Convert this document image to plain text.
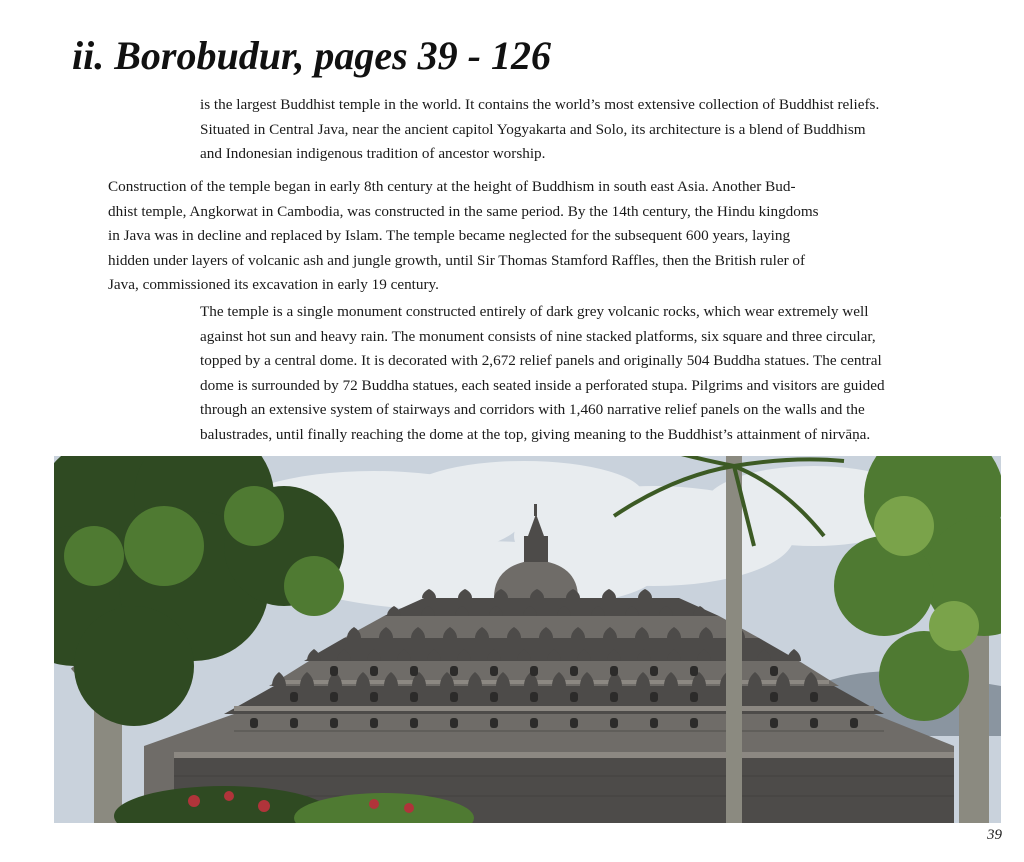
ii. Borobudur, pages 39 - 126
is the largest Buddhist temple in the world. It contains the world’s most extensive collection of Buddhist reliefs.
Situated in Central Java, near the ancient capitol Yogyakarta and Solo, its architecture is a blend of Buddhism
and Indonesian indigenous tradition of ancestor worship.
Construction of the temple began in early 8th century at the height of Buddhism in south east Asia. Another Bud-
dhist temple, Angkorwat in Cambodia, was constructed in the same period. By the 14th century, the Hindu kingdoms
in Java was in decline and replaced by Islam. The temple became neglected for the subsequent 600 years, laying
hidden under layers of volcanic ash and jungle growth, until Sir Thomas Stamford Raffles, then the British ruler of
Java, commissioned its excavation in early 19 century.
The temple is a single monument constructed entirely of dark grey volcanic rocks, which wear extremely well
against hot sun and heavy rain. The monument consists of nine stacked platforms, six square and three circular,
topped by a central dome. It is decorated with 2,672 relief panels and originally 504 Buddha statues. The central
dome is surrounded by 72 Buddha statues, each seated inside a perforated stupa. Pilgrims and visitors are guided
through an extensive system of stairways and corridors with 1,460 narrative relief panels on the walls and the
balustrades, until finally reaching the dome at the top, giving meaning to the Buddhist’s attainment of nirvāṇa.
39
